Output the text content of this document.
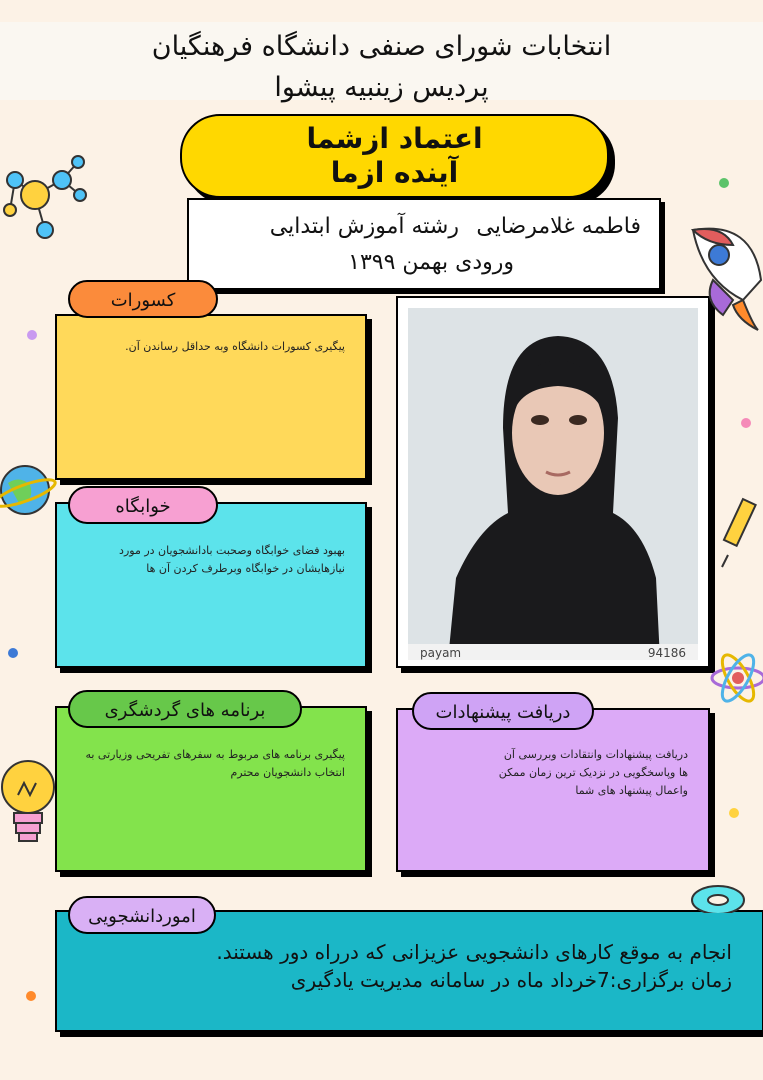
انتخابات شورای صنفی دانشگاه فرهنگیان
پردیس زینبیه پیشوا
اعتماد ازشما
آینده ازما
فاطمه غلامرضایی
رشته آموزش ابتدایی
ورودی بهمن ۱۳۹۹
پیگیری کسورات دانشگاه وبه حداقل رساندن آن.
کسورات
بهبود فضای خوابگاه وصحبت بادانشجویان در مورد نیازهایشان در خوابگاه وبرطرف کردن آن ها
خوابگاه
payam	94186
پیگیری برنامه های مربوط به سفرهای تفریحی وزیارتی به انتخاب دانشجویان محترم
برنامه های گردشگری
دریافت پیشنهادات وانتقادات وبررسی آن ها وپاسخگویی در نزدیک ترین زمان ممکن واعمال پیشنهاد های شما
دریافت پیشنهادات
انجام به موقع کارهای دانشجویی عزیزانی که درراه دور هستند.
زمان برگزاری:7خرداد ماه در سامانه مدیریت یادگیری
اموردانشجویی
